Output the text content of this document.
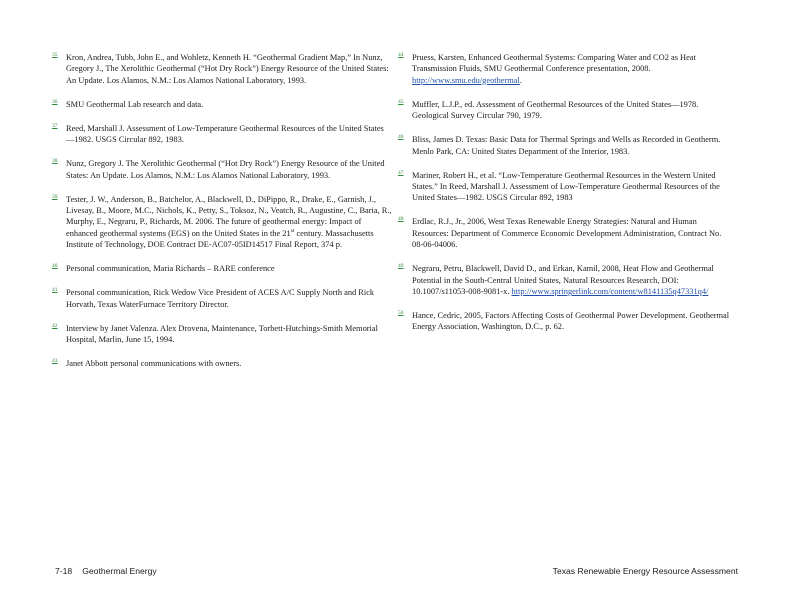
35 Kron, Andrea, Tubb, John E., and Wohletz, Kenneth H. “Geothermal Gradient Map,” In Nunz, Gregory J., The Xerolithic Geothermal (“Hot Dry Rock”) Energy Resource of the United States: An Update. Los Alamos, N.M.: Los Alamos National Laboratory, 1993.
36 SMU Geothermal Lab research and data.
37 Reed, Marshall J. Assessment of Low-Temperature Geothermal Resources of the United States—1982. USGS Circular 892, 1983.
38 Nunz, Gregory J. The Xerolithic Geothermal (“Hot Dry Rock”) Energy Resource of the United States: An Update. Los Alamos, N.M.: Los Alamos National Laboratory, 1993.
39 Tester, J. W., Anderson, B., Batchelor, A., Blackwell, D., DiPippo, R., Drake, E., Garnish, J., Livesay, B., Moore, M.C., Nichols, K., Petty, S., Toksoz, N., Veatch, R., Augustine, C., Baria, R., Murphy, E., Negraru, P., Richards, M. 2006. The future of geothermal energy: Impact of enhanced geothermal systems (EGS) on the United States in the 21st century. Massachusetts Institute of Technology, DOE Contract DE-AC07-05ID14517 Final Report, 374 p.
40 Personal communication, Maria Richards – RARE conference
41 Personal communication, Rick Wedow Vice President of ACES A/C Supply North and Rick Horvath, Texas WaterFurnace Territory Director.
42 Interview by Janet Valenza. Alex Drovena, Maintenance, Torbett-Hutchings-Smith Memorial Hospital, Marlin, June 15, 1994.
43 Janet Abbott personal communications with owners.
44 Pruess, Karsten, Enhanced Geothermal Systems: Comparing Water and CO2 as Heat Transmission Fluids, SMU Geothermal Conference presentation, 2008. http://www.smu.edu/geothermal.
45 Muffler, L.J.P., ed. Assessment of Geothermal Resources of the United States—1978. Geological Survey Circular 790, 1979.
46 Bliss, James D. Texas: Basic Data for Thermal Springs and Wells as Recorded in Geotherm. Menlo Park, CA: United States Department of the Interior, 1983.
47 Mariner, Robert H., et al. “Low-Temperature Geothermal Resources in the Western United States.” In Reed, Marshall J. Assessment of Low-Temperature Geothermal Resources of the United States—1982. USGS Circular 892, 1983
48 Erdlac, R.J., Jr., 2006, West Texas Renewable Energy Strategies: Natural and Human Resources: Department of Commerce Economic Development Administration, Contract No. 08-06-04006.
49 Negraru, Petru, Blackwell, David D., and Erkan, Kamil, 2008, Heat Flow and Geothermal Potential in the South-Central United States, Natural Resources Research, DOI: 10.1007/s11053-008-9081-x. http://www.springerlink.com/content/w8141135q47331q4/
50 Hance, Cedric, 2005, Factors Affecting Costs of Geothermal Power Development. Geothermal Energy Association, Washington, D.C., p. 62.
7-18 Geothermal Energy	Texas Renewable Energy Resource Assessment
